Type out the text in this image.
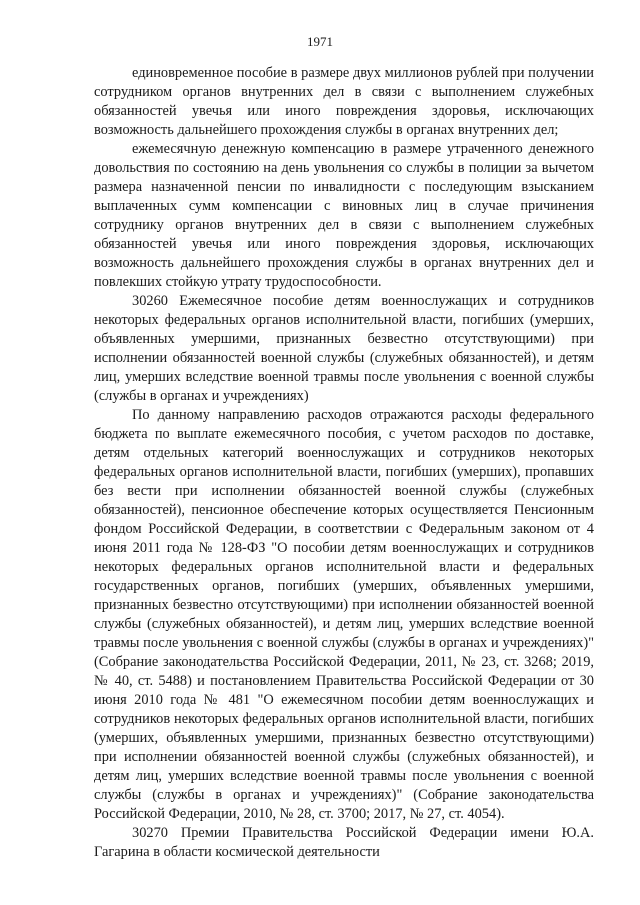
1971

единовременное пособие в размере двух миллионов рублей при получении сотрудником органов внутренних дел в связи с выполнением служебных обязанностей увечья или иного повреждения здоровья, исключающих возможность дальнейшего прохождения службы в органах внутренних дел;

ежемесячную денежную компенсацию в размере утраченного денежного довольствия по состоянию на день увольнения со службы в полиции за вычетом размера назначенной пенсии по инвалидности с последующим взысканием выплаченных сумм компенсации с виновных лиц в случае причинения сотруднику органов внутренних дел в связи с выполнением служебных обязанностей увечья или иного повреждения здоровья, исключающих возможность дальнейшего прохождения службы в органах внутренних дел и повлекших стойкую утрату трудоспособности.

30260 Ежемесячное пособие детям военнослужащих и сотрудников некоторых федеральных органов исполнительной власти, погибших (умерших, объявленных умершими, признанных безвестно отсутствующими) при исполнении обязанностей военной службы (служебных обязанностей), и детям лиц, умерших вследствие военной травмы после увольнения с военной службы (службы в органах и учреждениях)

По данному направлению расходов отражаются расходы федерального бюджета по выплате ежемесячного пособия, с учетом расходов по доставке, детям отдельных категорий военнослужащих и сотрудников некоторых федеральных органов исполнительной власти, погибших (умерших), пропавших без вести при исполнении обязанностей военной службы (служебных обязанностей), пенсионное обеспечение которых осуществляется Пенсионным фондом Российской Федерации, в соответствии с Федеральным законом от 4 июня 2011 года № 128-ФЗ "О пособии детям военнослужащих и сотрудников некоторых федеральных органов исполнительной власти и федеральных государственных органов, погибших (умерших, объявленных умершими, признанных безвестно отсутствующими) при исполнении обязанностей военной службы (служебных обязанностей), и детям лиц, умерших вследствие военной травмы после увольнения с военной службы (службы в органах и учреждениях)" (Собрание законодательства Российской Федерации, 2011, № 23, ст. 3268; 2019, № 40, ст. 5488) и постановлением Правительства Российской Федерации от 30 июня 2010 года № 481 "О ежемесячном пособии детям военнослужащих и сотрудников некоторых федеральных органов исполнительной власти, погибших (умерших, объявленных умершими, признанных безвестно отсутствующими) при исполнении обязанностей военной службы (служебных обязанностей), и детям лиц, умерших вследствие военной травмы после увольнения с военной службы (службы в органах и учреждениях)" (Собрание законодательства Российской Федерации, 2010, № 28, ст. 3700; 2017, № 27, ст. 4054).

30270 Премии Правительства Российской Федерации имени Ю.А. Гагарина в области космической деятельности
